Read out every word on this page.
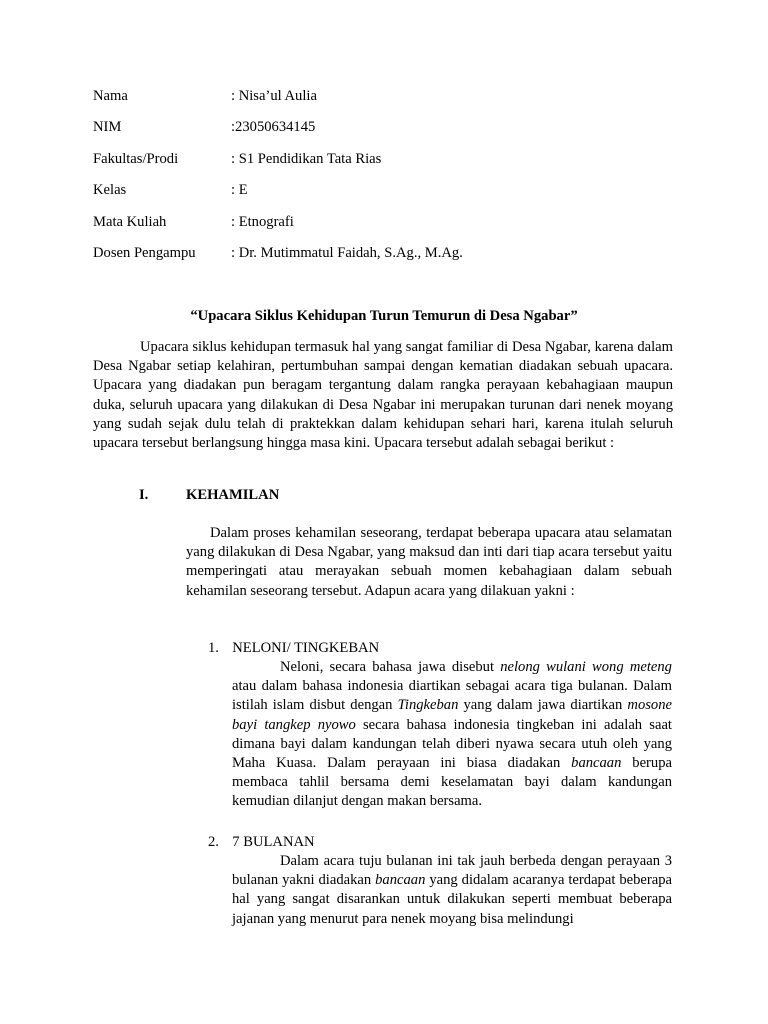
Nama	: Nisa’ul Aulia
NIM	:23050634145
Fakultas/Prodi	: S1 Pendidikan Tata Rias
Kelas	: E
Mata Kuliah	: Etnografi
Dosen Pengampu : Dr. Mutimmatul Faidah, S.Ag., M.Ag.
“Upacara Siklus Kehidupan Turun Temurun di Desa Ngabar”
Upacara siklus kehidupan termasuk hal yang sangat familiar di Desa Ngabar, karena dalam Desa Ngabar setiap kelahiran, pertumbuhan sampai dengan kematian diadakan sebuah upacara. Upacara yang diadakan pun beragam tergantung dalam rangka perayaan kebahagiaan maupun duka, seluruh upacara yang dilakukan di Desa Ngabar ini merupakan turunan dari nenek moyang yang sudah sejak dulu telah di praktekkan dalam kehidupan sehari hari, karena itulah seluruh upacara tersebut berlangsung hingga masa kini. Upacara tersebut adalah sebagai berikut :
I.	KEHAMILAN
Dalam proses kehamilan seseorang, terdapat beberapa upacara atau selamatan yang dilakukan di Desa Ngabar, yang maksud dan inti dari tiap acara tersebut yaitu memperingati atau merayakan sebuah momen kebahagiaan dalam sebuah kehamilan seseorang tersebut. Adapun acara yang dilakuan yakni :
1. NELONI/ TINGKEBAN
Neloni, secara bahasa jawa disebut nelong wulani wong meteng atau dalam bahasa indonesia diartikan sebagai acara tiga bulanan. Dalam istilah islam disbut dengan Tingkeban yang dalam jawa diartikan mosone bayi tangkep nyowo secara bahasa indonesia tingkeban ini adalah saat dimana bayi dalam kandungan telah diberi nyawa secara utuh oleh yang Maha Kuasa. Dalam perayaan ini biasa diadakan bancaan berupa membaca tahlil bersama demi keselamatan bayi dalam kandungan kemudian dilanjut dengan makan bersama.
2. 7 BULANAN
Dalam acara tuju bulanan ini tak jauh berbeda dengan perayaan 3 bulanan yakni diadakan bancaan yang didalam acaranya terdapat beberapa hal yang sangat disarankan untuk dilakukan seperti membuat beberapa jajanan yang menurut para nenek moyang bisa melindungi
